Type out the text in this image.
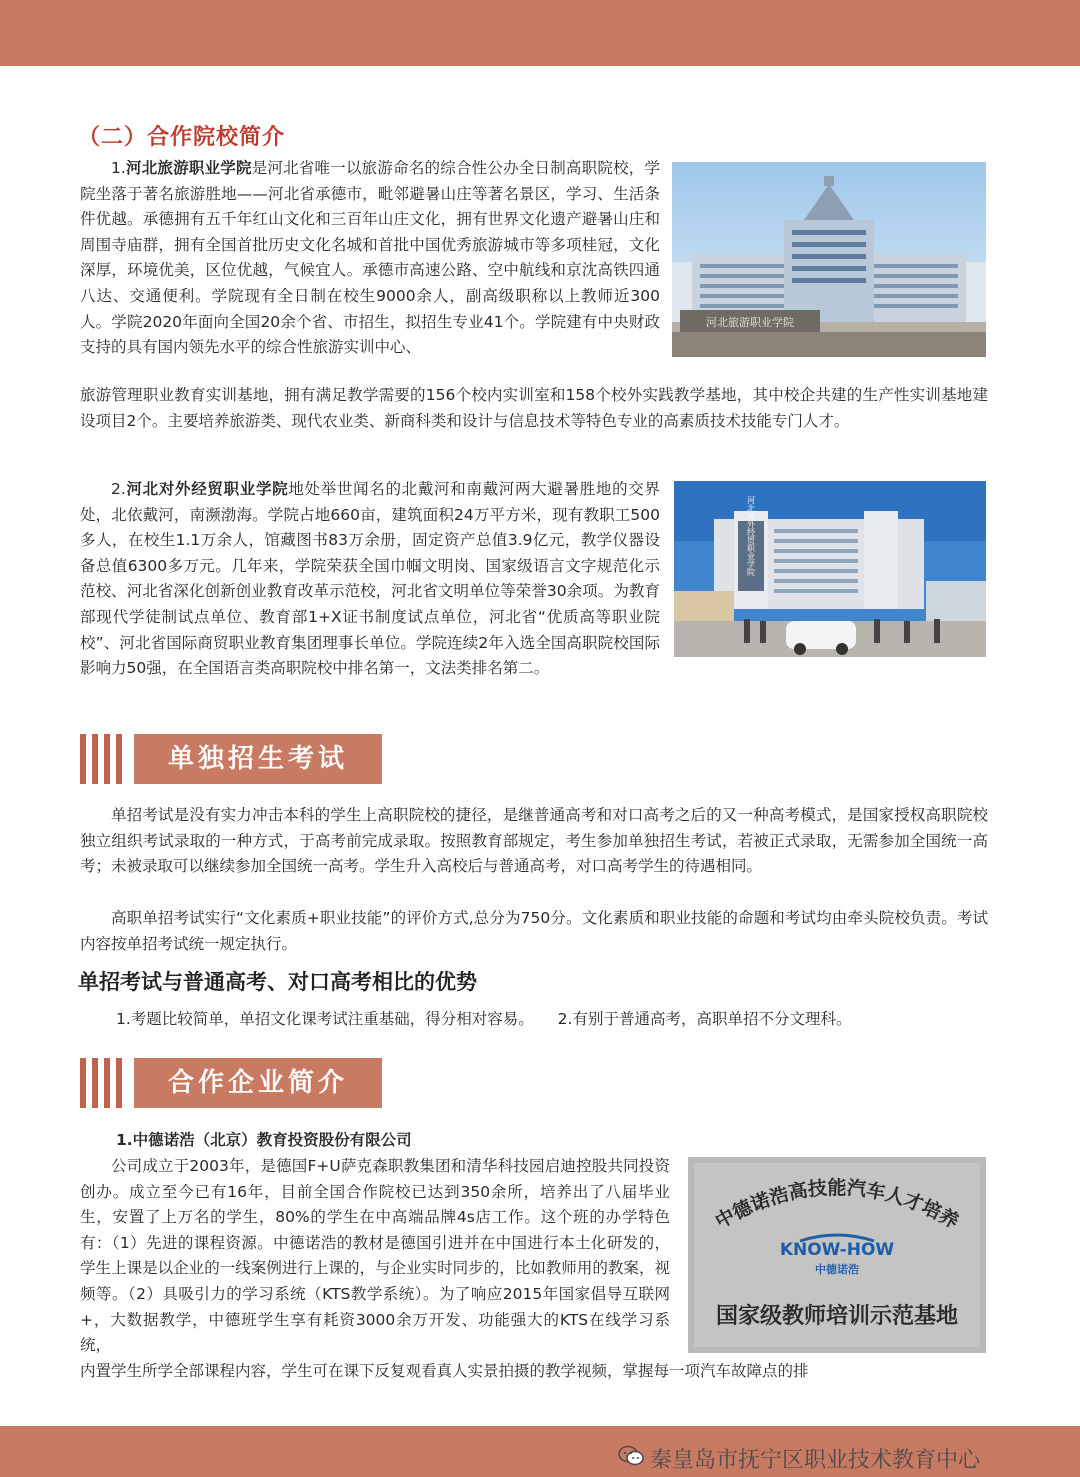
（二）合作院校简介

1.河北旅游职业学院是河北省唯一以旅游命名的综合性公办全日制高职院校，学院坐落于著名旅游胜地——河北省承德市，毗邻避暑山庄等著名景区，学习、生活条件优越。承德拥有五千年红山文化和三百年山庄文化，拥有世界文化遗产避暑山庄和周围寺庙群，拥有全国首批历史文化名城和首批中国优秀旅游城市等多项桂冠，文化深厚，环境优美，区位优越，气候宜人。承德市高速公路、空中航线和京沈高铁四通八达、交通便利。学院现有全日制在校生9000余人，副高级职称以上教师近300人。学院2020年面向全国20余个省、市招生，拟招生专业41个。学院建有中央财政支持的具有国内领先水平的综合性旅游实训中心、

旅游管理职业教育实训基地，拥有满足教学需要的156个校内实训室和158个校外实践教学基地，其中校企共建的生产性实训基地建设项目2个。主要培养旅游类、现代农业类、新商科类和设计与信息技术等特色专业的高素质技术技能专门人才。

河北旅游职业学院

2.河北对外经贸职业学院地处举世闻名的北戴河和南戴河两大避暑胜地的交界处，北依戴河，南濒渤海。学院占地660亩，建筑面积24万平方米，现有教职工500多人，在校生1.1万余人，馆藏图书83万余册，固定资产总值3.9亿元，教学仪器设备总值6300多万元。几年来，学院荣获全国巾帼文明岗、国家级语言文字规范化示范校、河北省深化创新创业教育改革示范校，河北省文明单位等荣誉30余项。为教育部现代学徒制试点单位、教育部1+X证书制度试点单位，河北省“优质高等职业院校”、河北省国际商贸职业教育集团理事长单位。学院连续2年入选全国高职院校国际影响力50强，在全国语言类高职院校中排名第一，文法类排名第二。

河北对外经贸职业学院
单独招生考试

单招考试是没有实力冲击本科的学生上高职院校的捷径，是继普通高考和对口高考之后的又一种高考模式，是国家授权高职院校独立组织考试录取的一种方式，于高考前完成录取。按照教育部规定，考生参加单独招生考试，若被正式录取，无需参加全国统一高考；未被录取可以继续参加全国统一高考。学生升入高校后与普通高考，对口高考学生的待遇相同。

高职单招考试实行“文化素质+职业技能”的评价方式,总分为750分。文化素质和职业技能的命题和考试均由牵头院校负责。考试内容按单招考试统一规定执行。

单招考试与普通高考、对口高考相比的优势
1.考题比较简单，单招文化课考试注重基础，得分相对容易。 2.有别于普通高考，高职单招不分文理科。
合作企业简介
1.中德诺浩（北京）教育投资股份有限公司

公司成立于2003年，是德国F+U萨克森职教集团和清华科技园启迪控股共同投资创办。成立至今已有16年，目前全国合作院校已达到350余所，培养出了八届毕业生，安置了上万名的学生，80%的学生在中高端品牌4s店工作。这个班的办学特色有：（1）先进的课程资源。中德诺浩的教材是德国引进并在中国进行本土化研发的，学生上课是以企业的一线案例进行上课的，与企业实时同步的，比如教师用的教案，视频等。（2）具吸引力的学习系统（KTS教学系统）。为了响应2015年国家倡导互联网+，大数据教学，中德班学生享有耗资3000余万开发、功能强大的KTS在线学习系统，

内置学生所学全部课程内容，学生可在课下反复观看真人实景拍摄的教学视频，掌握每一项汽车故障点的排

中德诺浩高技能汽车人才培养
KNOW-HOW
中德诺浩
国家级教师培训示范基地
秦皇岛市抚宁区职业技术教育中心
